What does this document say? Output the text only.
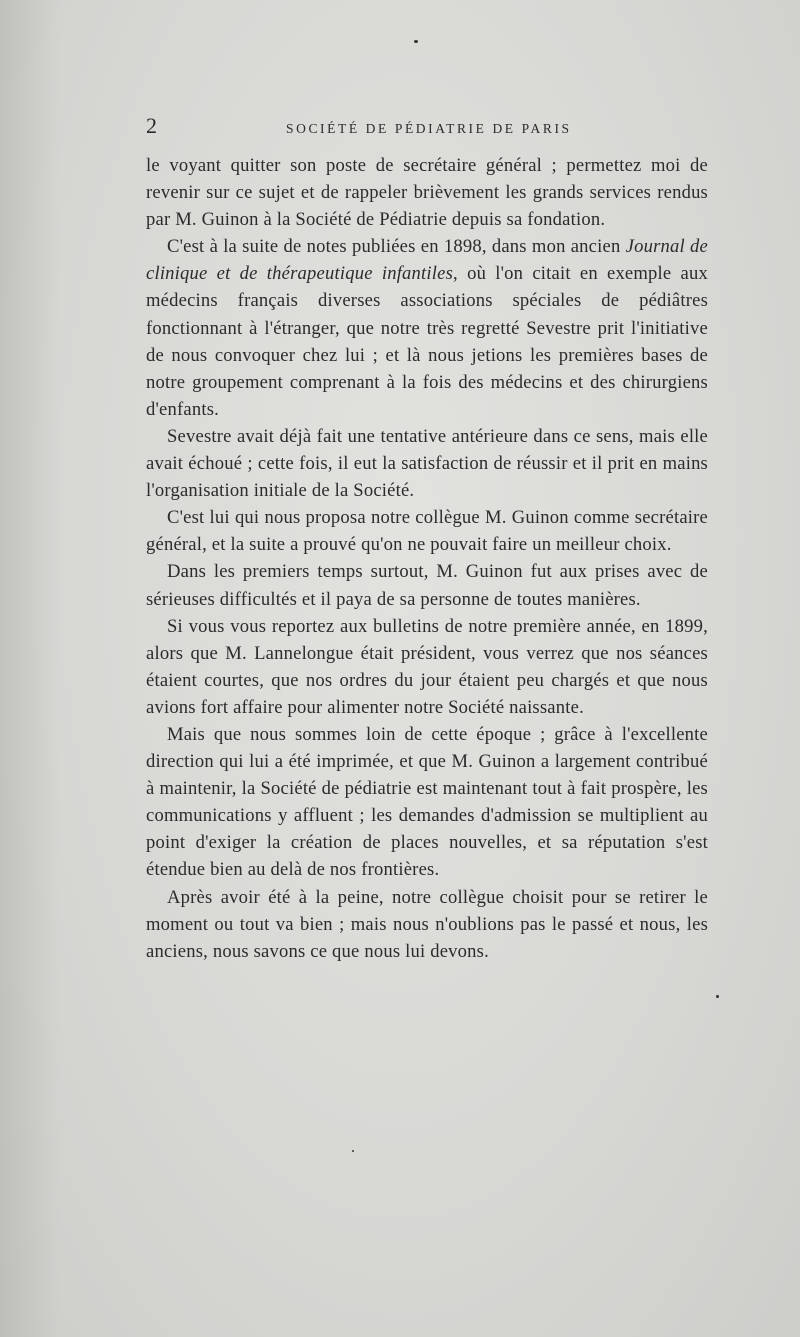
2	SOCIÉTÉ DE PÉDIATRIE DE PARIS

le voyant quitter son poste de secrétaire général ; permettez moi de revenir sur ce sujet et de rappeler brièvement les grands services rendus par M. Guinon à la Société de Pédiatrie depuis sa fondation.

C'est à la suite de notes publiées en 1898, dans mon ancien Journal de clinique et de thérapeutique infantiles, où l'on citait en exemple aux médecins français diverses associations spéciales de pédiâtres fonctionnant à l'étranger, que notre très regretté Sevestre prit l'initiative de nous convoquer chez lui ; et là nous jetions les premières bases de notre groupement comprenant à la fois des médecins et des chirurgiens d'enfants.

Sevestre avait déjà fait une tentative antérieure dans ce sens, mais elle avait échoué ; cette fois, il eut la satisfaction de réussir et il prit en mains l'organisation initiale de la Société.

C'est lui qui nous proposa notre collègue M. Guinon comme secrétaire général, et la suite a prouvé qu'on ne pouvait faire un meilleur choix.

Dans les premiers temps surtout, M. Guinon fut aux prises avec de sérieuses difficultés et il paya de sa personne de toutes manières.

Si vous vous reportez aux bulletins de notre première année, en 1899, alors que M. Lannelongue était président, vous verrez que nos séances étaient courtes, que nos ordres du jour étaient peu chargés et que nous avions fort affaire pour alimenter notre Société naissante.

Mais que nous sommes loin de cette époque ; grâce à l'excellente direction qui lui a été imprimée, et que M. Guinon a largement contribué à maintenir, la Société de pédiatrie est maintenant tout à fait prospère, les communications y affluent ; les demandes d'admission se multiplient au point d'exiger la création de places nouvelles, et sa réputation s'est étendue bien au delà de nos frontières.

Après avoir été à la peine, notre collègue choisit pour se retirer le moment ou tout va bien ; mais nous n'oublions pas le passé et nous, les anciens, nous savons ce que nous lui devons.
